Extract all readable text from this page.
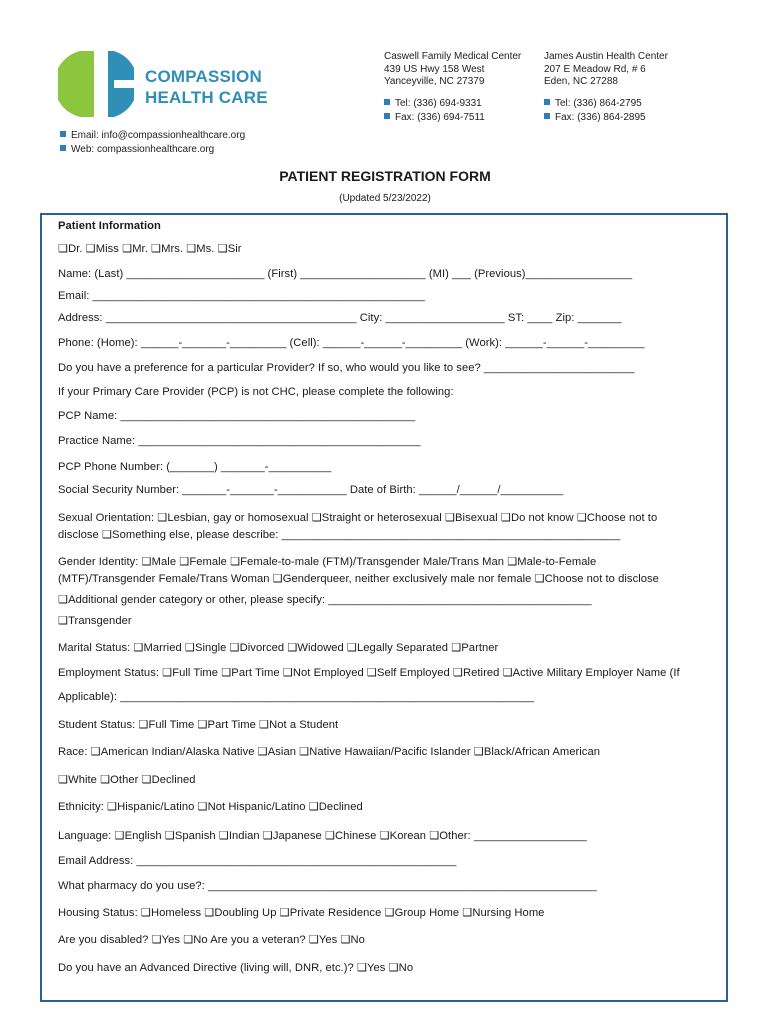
COMPASSION
HEALTH CARE
Caswell Family Medical Center
439 US Hwy 158 West
Yanceyville, NC 27379
Tel: (336) 694-9331
Fax: (336) 694-7511
James Austin Health Center
207 E Meadow Rd, # 6
Eden, NC 27288
Tel: (336) 864-2795
Fax: (336) 864-2895
Email: info@compassionhealthcare.org
Web: compassionhealthcare.org
PATIENT REGISTRATION FORM
(Updated 5/23/2022)
Patient Information
❑Dr. ❑Miss ❑Mr. ❑Mrs. ❑Ms. ❑Sir
Name: (Last) ______________________ (First) ____________________ (MI) ___ (Previous)_________________
Email: _____________________________________________________
Address: ________________________________________ City: ___________________ ST: ____ Zip: _______
Phone: (Home): ______-_______-_________ (Cell): ______-______-_________ (Work): ______-______-_________
Do you have a preference for a particular Provider? If so, who would you like to see? ________________________
If your Primary Care Provider (PCP) is not CHC, please complete the following:
PCP Name: _______________________________________________
Practice Name: _____________________________________________
PCP Phone Number: (_______) _______-__________
Social Security Number: _______-_______-___________ Date of Birth: ______/______/__________
Sexual Orientation: ❑Lesbian, gay or homosexual ❑Straight or heterosexual ❑Bisexual ❑Do not know ❑Choose not to
disclose ❑Something else, please describe: ______________________________________________________
Gender Identity: ❑Male ❑Female ❑Female-to-male (FTM)/Transgender Male/Trans Man ❑Male-to-Female
(MTF)/Transgender Female/Trans Woman ❑Genderqueer, neither exclusively male nor female ❑Choose not to disclose
❑Additional gender category or other, please specify: __________________________________________
❑Transgender
Marital Status: ❑Married ❑Single ❑Divorced ❑Widowed ❑Legally Separated ❑Partner
Employment Status: ❑Full Time ❑Part Time ❑Not Employed ❑Self Employed ❑Retired ❑Active Military Employer Name (If
Applicable): __________________________________________________________________
Student Status: ❑Full Time ❑Part Time ❑Not a Student
Race: ❑American Indian/Alaska Native ❑Asian ❑Native Hawaiian/Pacific Islander ❑Black/African American
❑White ❑Other ❑Declined
Ethnicity: ❑Hispanic/Latino ❑Not Hispanic/Latino ❑Declined
Language: ❑English ❑Spanish ❑Indian ❑Japanese ❑Chinese ❑Korean ❑Other: __________________
Email Address: ___________________________________________________
What pharmacy do you use?: ______________________________________________________________
Housing Status: ❑Homeless ❑Doubling Up ❑Private Residence ❑Group Home ❑Nursing Home
Are you disabled? ❑Yes ❑No Are you a veteran? ❑Yes ❑No
Do you have an Advanced Directive (living will, DNR, etc.)? ❑Yes ❑No
